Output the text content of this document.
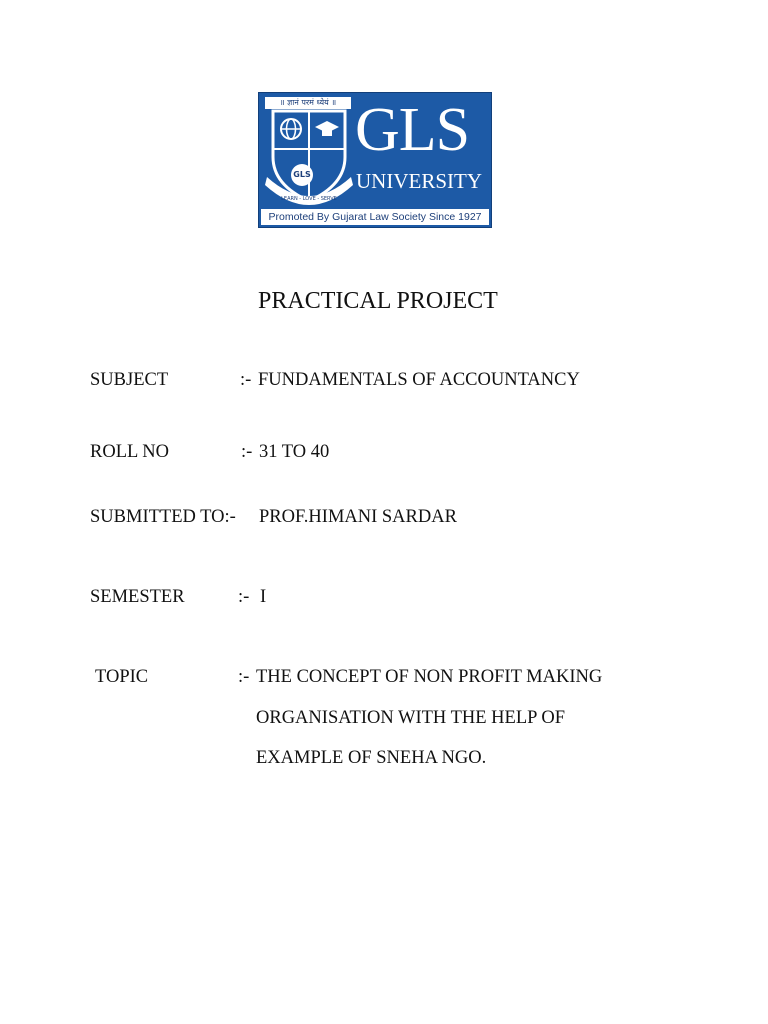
॥ ज्ञानं परमं ध्येयं ॥
GLS
LEARN - LOVE - SERVE
GLS
UNIVERSITY
Promoted By Gujarat Law Society Since 1927
PRACTICAL PROJECT
SUBJECT	:- FUNDAMENTALS OF ACCOUNTANCY
ROLL NO	:- 31 TO 40
SUBMITTED TO:- PROF.HIMANI SARDAR
SEMESTER	:- I
TOPIC	:- THE CONCEPT OF NON PROFIT MAKING
ORGANISATION WITH THE HELP OF
EXAMPLE OF SNEHA NGO.
